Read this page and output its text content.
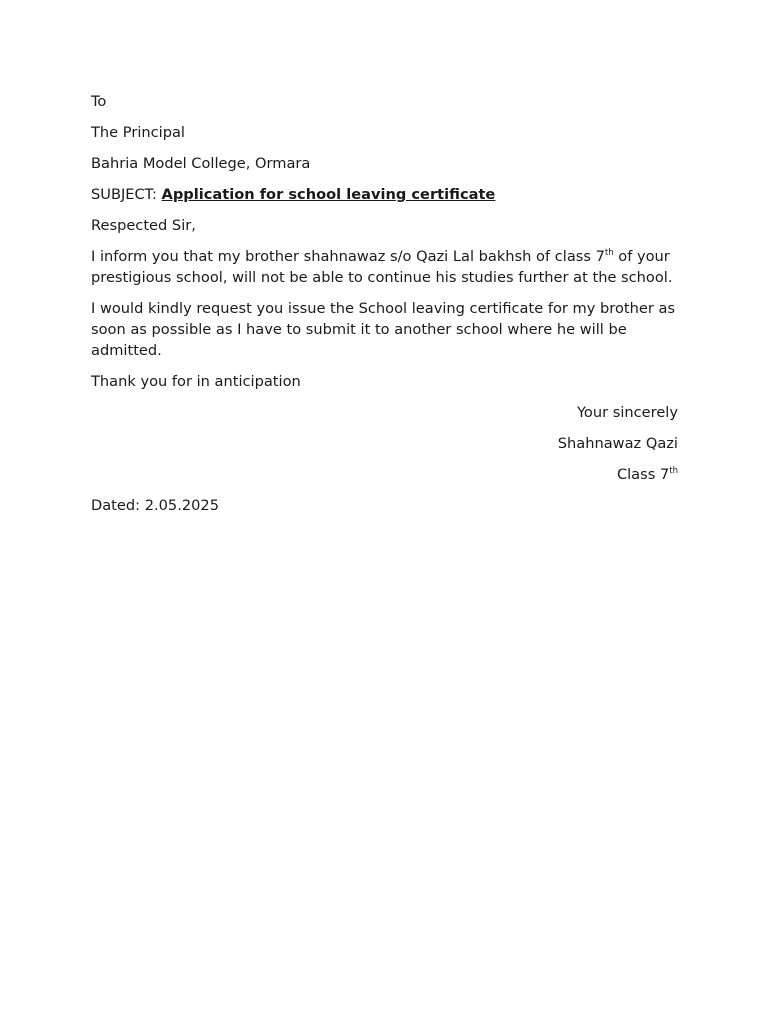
To

The Principal

Bahria Model College, Ormara

SUBJECT: Application for school leaving certificate

Respected Sir,

I inform you that my brother shahnawaz s/o Qazi Lal bakhsh of class 7th of your prestigious school, will not be able to continue his studies further at the school.

I would kindly request you issue the School leaving certificate for my brother as soon as possible as I have to submit it to another school where he will be admitted.

Thank you for in anticipation

Your sincerely

Shahnawaz Qazi

Class 7th

Dated: 2.05.2025
